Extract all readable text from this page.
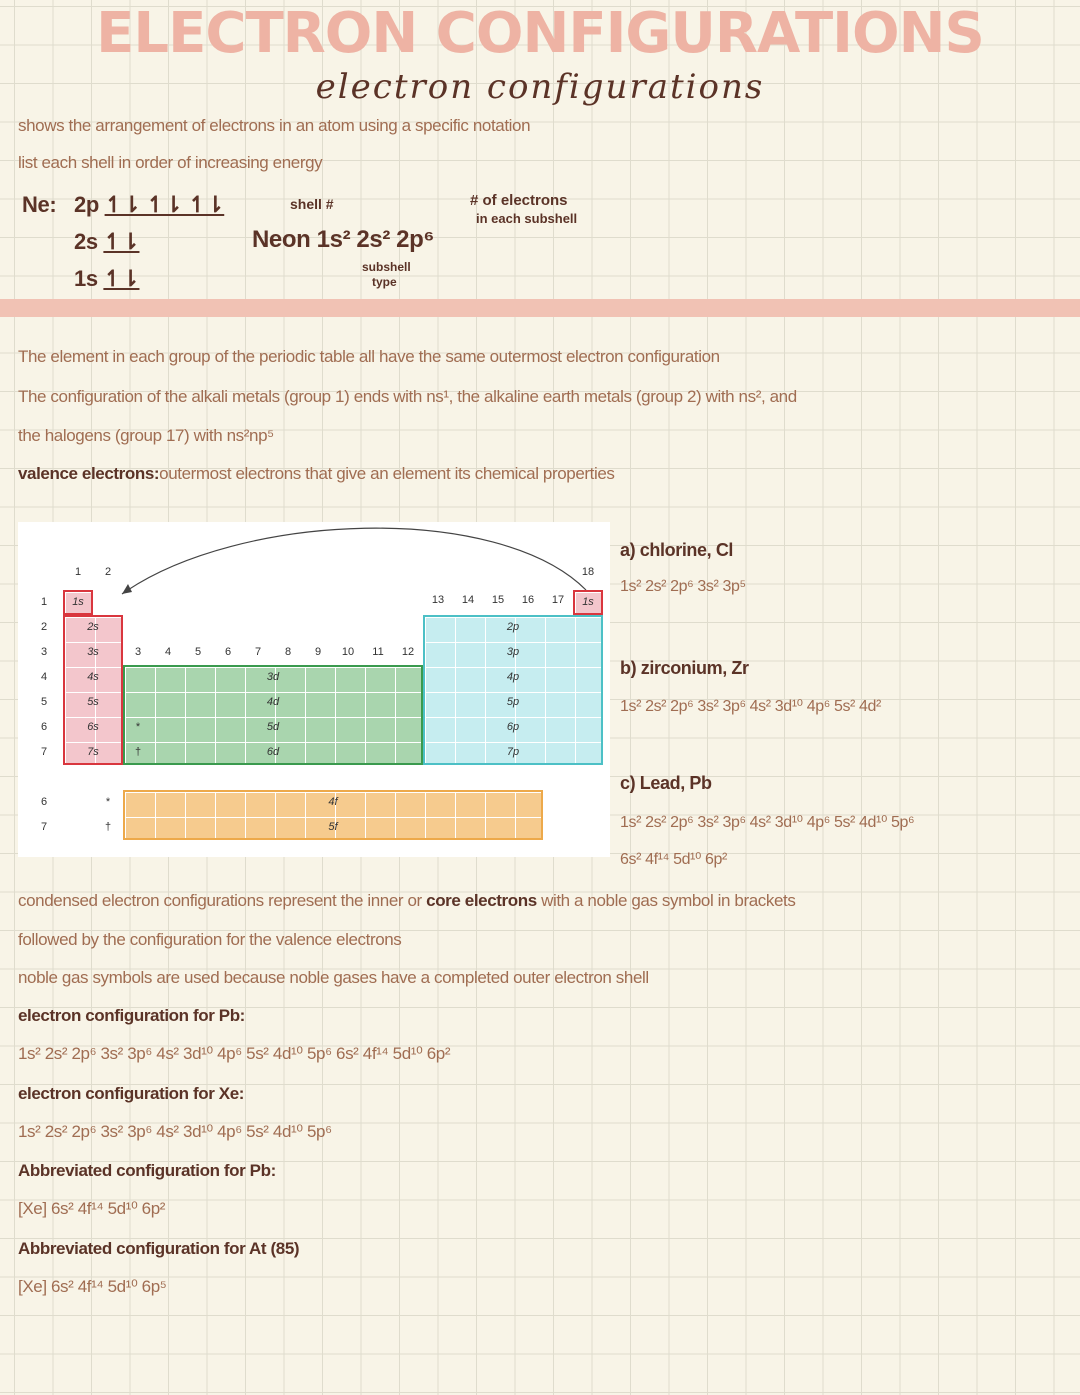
ELECTRON CONFIGURATIONS
electron configurations
shows the arrangement of electrons in an atom using a specific notation
list each shell in order of increasing energy
Ne: 2p ↿⇂ ↿⇂ ↿⇂
2s ↿⇂
1s ↿⇂
shell #
Neon 1s² 2s² 2p⁶
subshell
type
# of electrons
in each subshell
The element in each group of the periodic table all have the same outermost electron configuration
The configuration of the alkali metals (group 1) ends with ns¹, the alkaline earth metals (group 2) with ns², and
the halogens (group 17) with ns²np⁵
valence electrons:outermost electrons that give an element its chemical properties
1	2	18
3	4	5	6	7	8	9	10	11	12
13	14	15	16	17
1
2
3
4
5
6
7
6
7
1s
2s
3s
4s
5s
6s
7s
1s
3d
4d
5d
6d
2p
3p
4p
5p
6p
7p
4f
5f
*
†
*
†
a) chlorine, Cl
1s² 2s² 2p⁶ 3s² 3p⁵
b) zirconium, Zr
1s² 2s² 2p⁶ 3s² 3p⁶ 4s² 3d¹⁰ 4p⁶ 5s² 4d²
c) Lead, Pb
1s² 2s² 2p⁶ 3s² 3p⁶ 4s² 3d¹⁰ 4p⁶ 5s² 4d¹⁰ 5p⁶
6s² 4f¹⁴ 5d¹⁰ 6p²
condensed electron configurations represent the inner or core electrons with a noble gas symbol in brackets
followed by the configuration for the valence electrons
noble gas symbols are used because noble gases have a completed outer electron shell
electron configuration for Pb:
1s² 2s² 2p⁶ 3s² 3p⁶ 4s² 3d¹⁰ 4p⁶ 5s² 4d¹⁰ 5p⁶ 6s² 4f¹⁴ 5d¹⁰ 6p²
electron configuration for Xe:
1s² 2s² 2p⁶ 3s² 3p⁶ 4s² 3d¹⁰ 4p⁶ 5s² 4d¹⁰ 5p⁶
Abbreviated configuration for Pb:
[Xe] 6s² 4f¹⁴ 5d¹⁰ 6p²
Abbreviated configuration for At (85)
[Xe] 6s² 4f¹⁴ 5d¹⁰ 6p⁵
